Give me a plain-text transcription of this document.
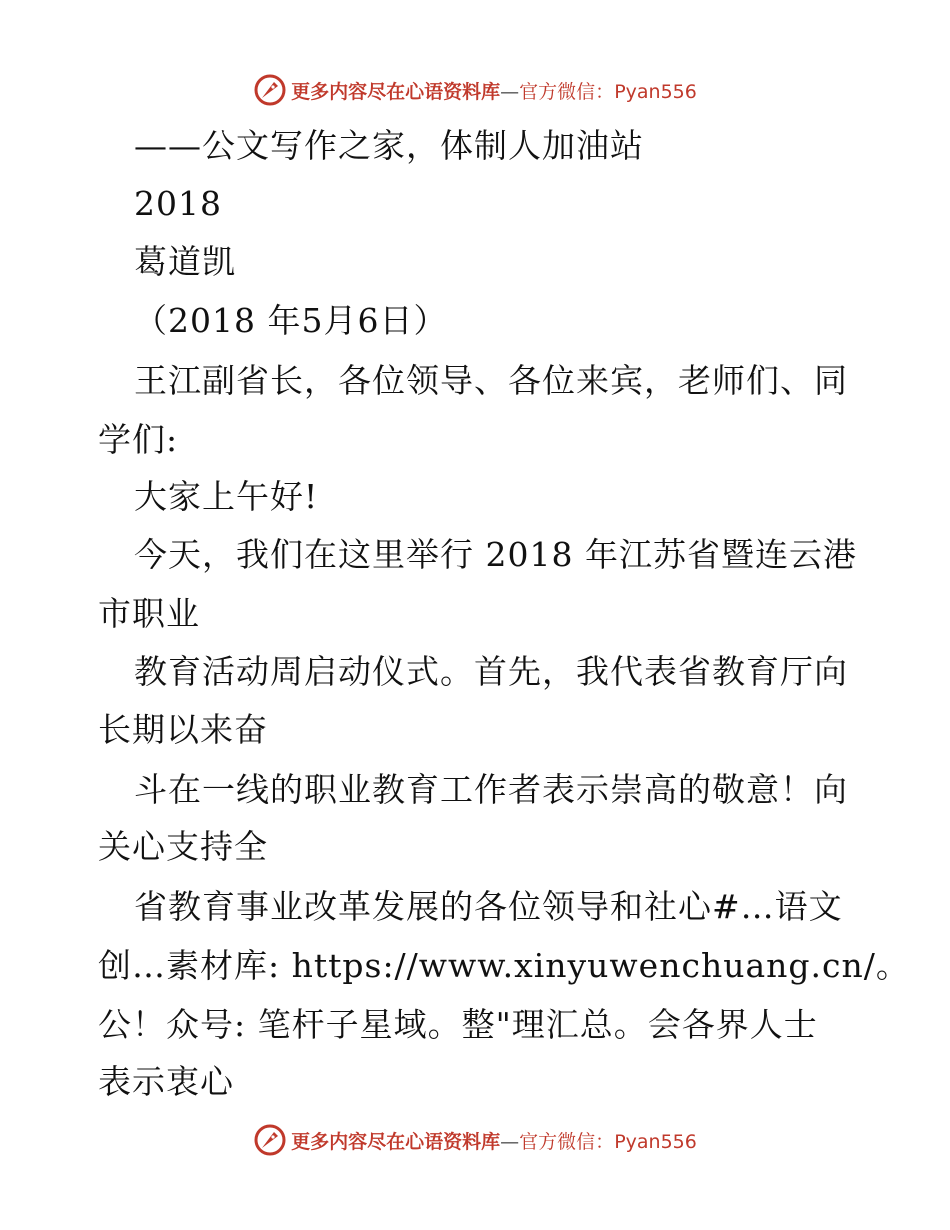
更多内容尽在心语资料库—官方微信：Pyan556
——公文写作之家，体制人加油站
2018
葛道凯
（2018 年5月6日）
王江副省长，各位领导、各位来宾，老师们、同
学们:
大家上午好!
今天，我们在这里举行 2018 年江苏省暨连云港
市职业
教育活动周启动仪式。首先，我代表省教育厅向
长期以来奋
斗在一线的职业教育工作者表示崇高的敬意！向
关心支持全
省教育事业改革发展的各位领导和社心#…语文
创…素材库: https://www.xinyuwenchuang.cn/。
公！众号: 笔杆子星域。整"理汇总。会各界人士
表示衷心
更多内容尽在心语资料库—官方微信：Pyan556
